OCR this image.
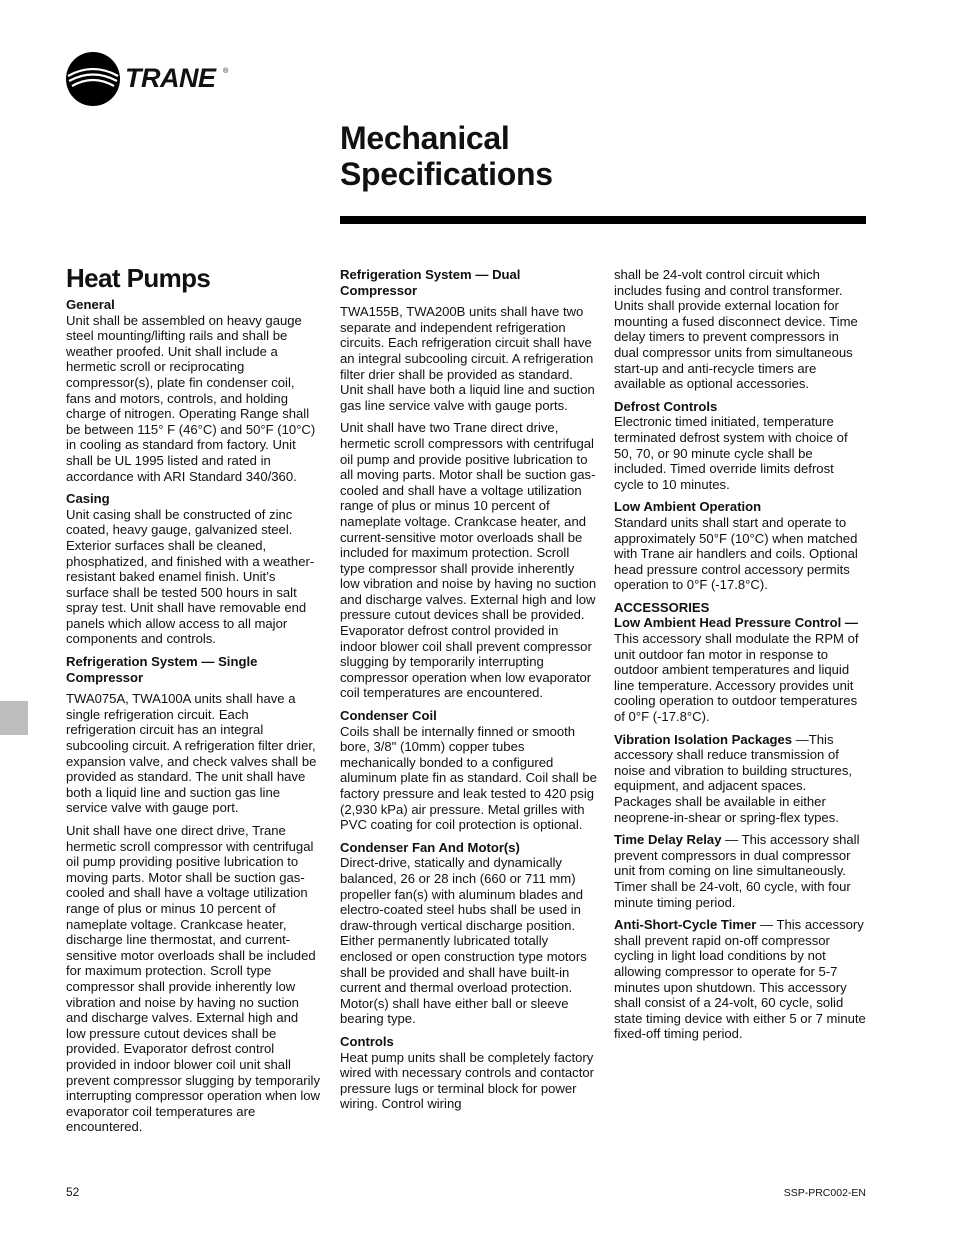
TRANE ®
Mechanical
Specifications
Heat Pumps
General
Unit shall be assembled on heavy gauge steel mounting/lifting rails and shall be weather proofed. Unit shall include a hermetic scroll or reciprocating compressor(s), plate fin condenser coil, fans and motors, controls, and holding charge of nitrogen. Operating Range shall be between 115° F (46°C) and 50°F (10°C) in cooling as standard from factory. Unit shall be UL 1995 listed and rated in accordance with ARI Standard 340/360.
Casing
Unit casing shall be constructed of zinc coated, heavy gauge, galvanized steel. Exterior surfaces shall be cleaned, phosphatized, and finished with a weather-resistant baked enamel finish. Unit’s surface shall be tested 500 hours in salt spray test. Unit shall have removable end panels which allow access to all major components and controls.
Refrigeration System — Single Compressor

TWA075A, TWA100A units shall have a single refrigeration circuit. Each refrigeration circuit has an integral subcooling circuit. A refrigeration filter drier, expansion valve, and check valves shall be provided as standard. The unit shall have both a liquid line and suction gas line service valve with gauge port.

Unit shall have one direct drive, Trane hermetic scroll compressor with centrifugal oil pump providing positive lubrication to moving parts. Motor shall be suction gas-cooled and shall have a voltage utilization range of plus or minus 10 percent of nameplate voltage. Crankcase heater, discharge line thermostat, and current-sensitive motor overloads shall be included for maximum protection. Scroll type compressor shall provide inherently low vibration and noise by having no suction and discharge valves. External high and low pressure cutout devices shall be provided. Evaporator defrost control provided in indoor blower coil unit shall prevent compressor slugging by temporarily interrupting compressor operation when low evaporator coil temperatures are encountered.

Refrigeration System — Dual Compressor

TWA155B, TWA200B units shall have two separate and independent refrigeration circuits. Each refrigeration circuit shall have an integral subcooling circuit. A refrigeration filter drier shall be provided as standard. Unit shall have both a liquid line and suction gas line service valve with gauge ports.

Unit shall have two Trane direct drive, hermetic scroll compressors with centrifugal oil pump and provide positive lubrication to all moving parts. Motor shall be suction gas-cooled and shall have a voltage utilization range of plus or minus 10 percent of nameplate voltage. Crankcase heater, and current-sensitive motor overloads shall be included for maximum protection. Scroll type compressor shall provide inherently low vibration and noise by having no suction and discharge valves. External high and low pressure cutout devices shall be provided. Evaporator defrost control provided in indoor blower coil shall prevent compressor slugging by temporarily interrupting compressor operation when low evaporator coil temperatures are encountered.

Condenser Coil
Coils shall be internally finned or smooth bore, 3/8" (10mm) copper tubes mechanically bonded to a configured aluminum plate fin as standard. Coil shall be factory pressure and leak tested to 420 psig (2,930 kPa) air pressure. Metal grilles with PVC coating for coil protection is optional.
Condenser Fan And Motor(s)
Direct-drive, statically and dynamically balanced, 26 or 28 inch (660 or 711 mm) propeller fan(s) with aluminum blades and electro-coated steel hubs shall be used in draw-through vertical discharge position. Either permanently lubricated totally enclosed or open construction type motors shall be provided and shall have built-in current and thermal overload protection. Motor(s) shall have either ball or sleeve bearing type.
Controls
Heat pump units shall be completely factory wired with necessary controls and contactor pressure lugs or terminal block for power wiring. Control wiring

shall be 24-volt control circuit which includes fusing and control transformer. Units shall provide external location for mounting a fused disconnect device. Time delay timers to prevent compressors in dual compressor units from simultaneous start-up and anti-recycle timers are available as optional accessories.

Defrost Controls
Electronic timed initiated, temperature terminated defrost system with choice of 50, 70, or 90 minute cycle shall be included. Timed override limits defrost cycle to 10 minutes.
Low Ambient Operation
Standard units shall start and operate to approximately 50°F (10°C) when matched with Trane air handlers and coils. Optional head pressure control accessory permits operation to 0°F (-17.8°C).
ACCESSORIES
Low Ambient Head Pressure Control —
This accessory shall modulate the RPM of unit outdoor fan motor in response to outdoor ambient temperatures and liquid line temperature. Accessory provides unit cooling operation to outdoor temperatures of 0°F (-17.8°C).

Vibration Isolation Packages —This accessory shall reduce transmission of noise and vibration to building structures, equipment, and adjacent spaces. Packages shall be available in either neoprene-in-shear or spring-flex types.

Time Delay Relay — This accessory shall prevent compressors in dual compressor unit from coming on line simultaneously. Timer shall be 24-volt, 60 cycle, with four minute timing period.

Anti-Short-Cycle Timer — This accessory shall prevent rapid on-off compressor cycling in light load conditions by not allowing compressor to operate for 5-7 minutes upon shutdown. This accessory shall consist of a 24-volt, 60 cycle, solid state timing device with either 5 or 7 minute fixed-off timing period.

52	SSP-PRC002-EN
